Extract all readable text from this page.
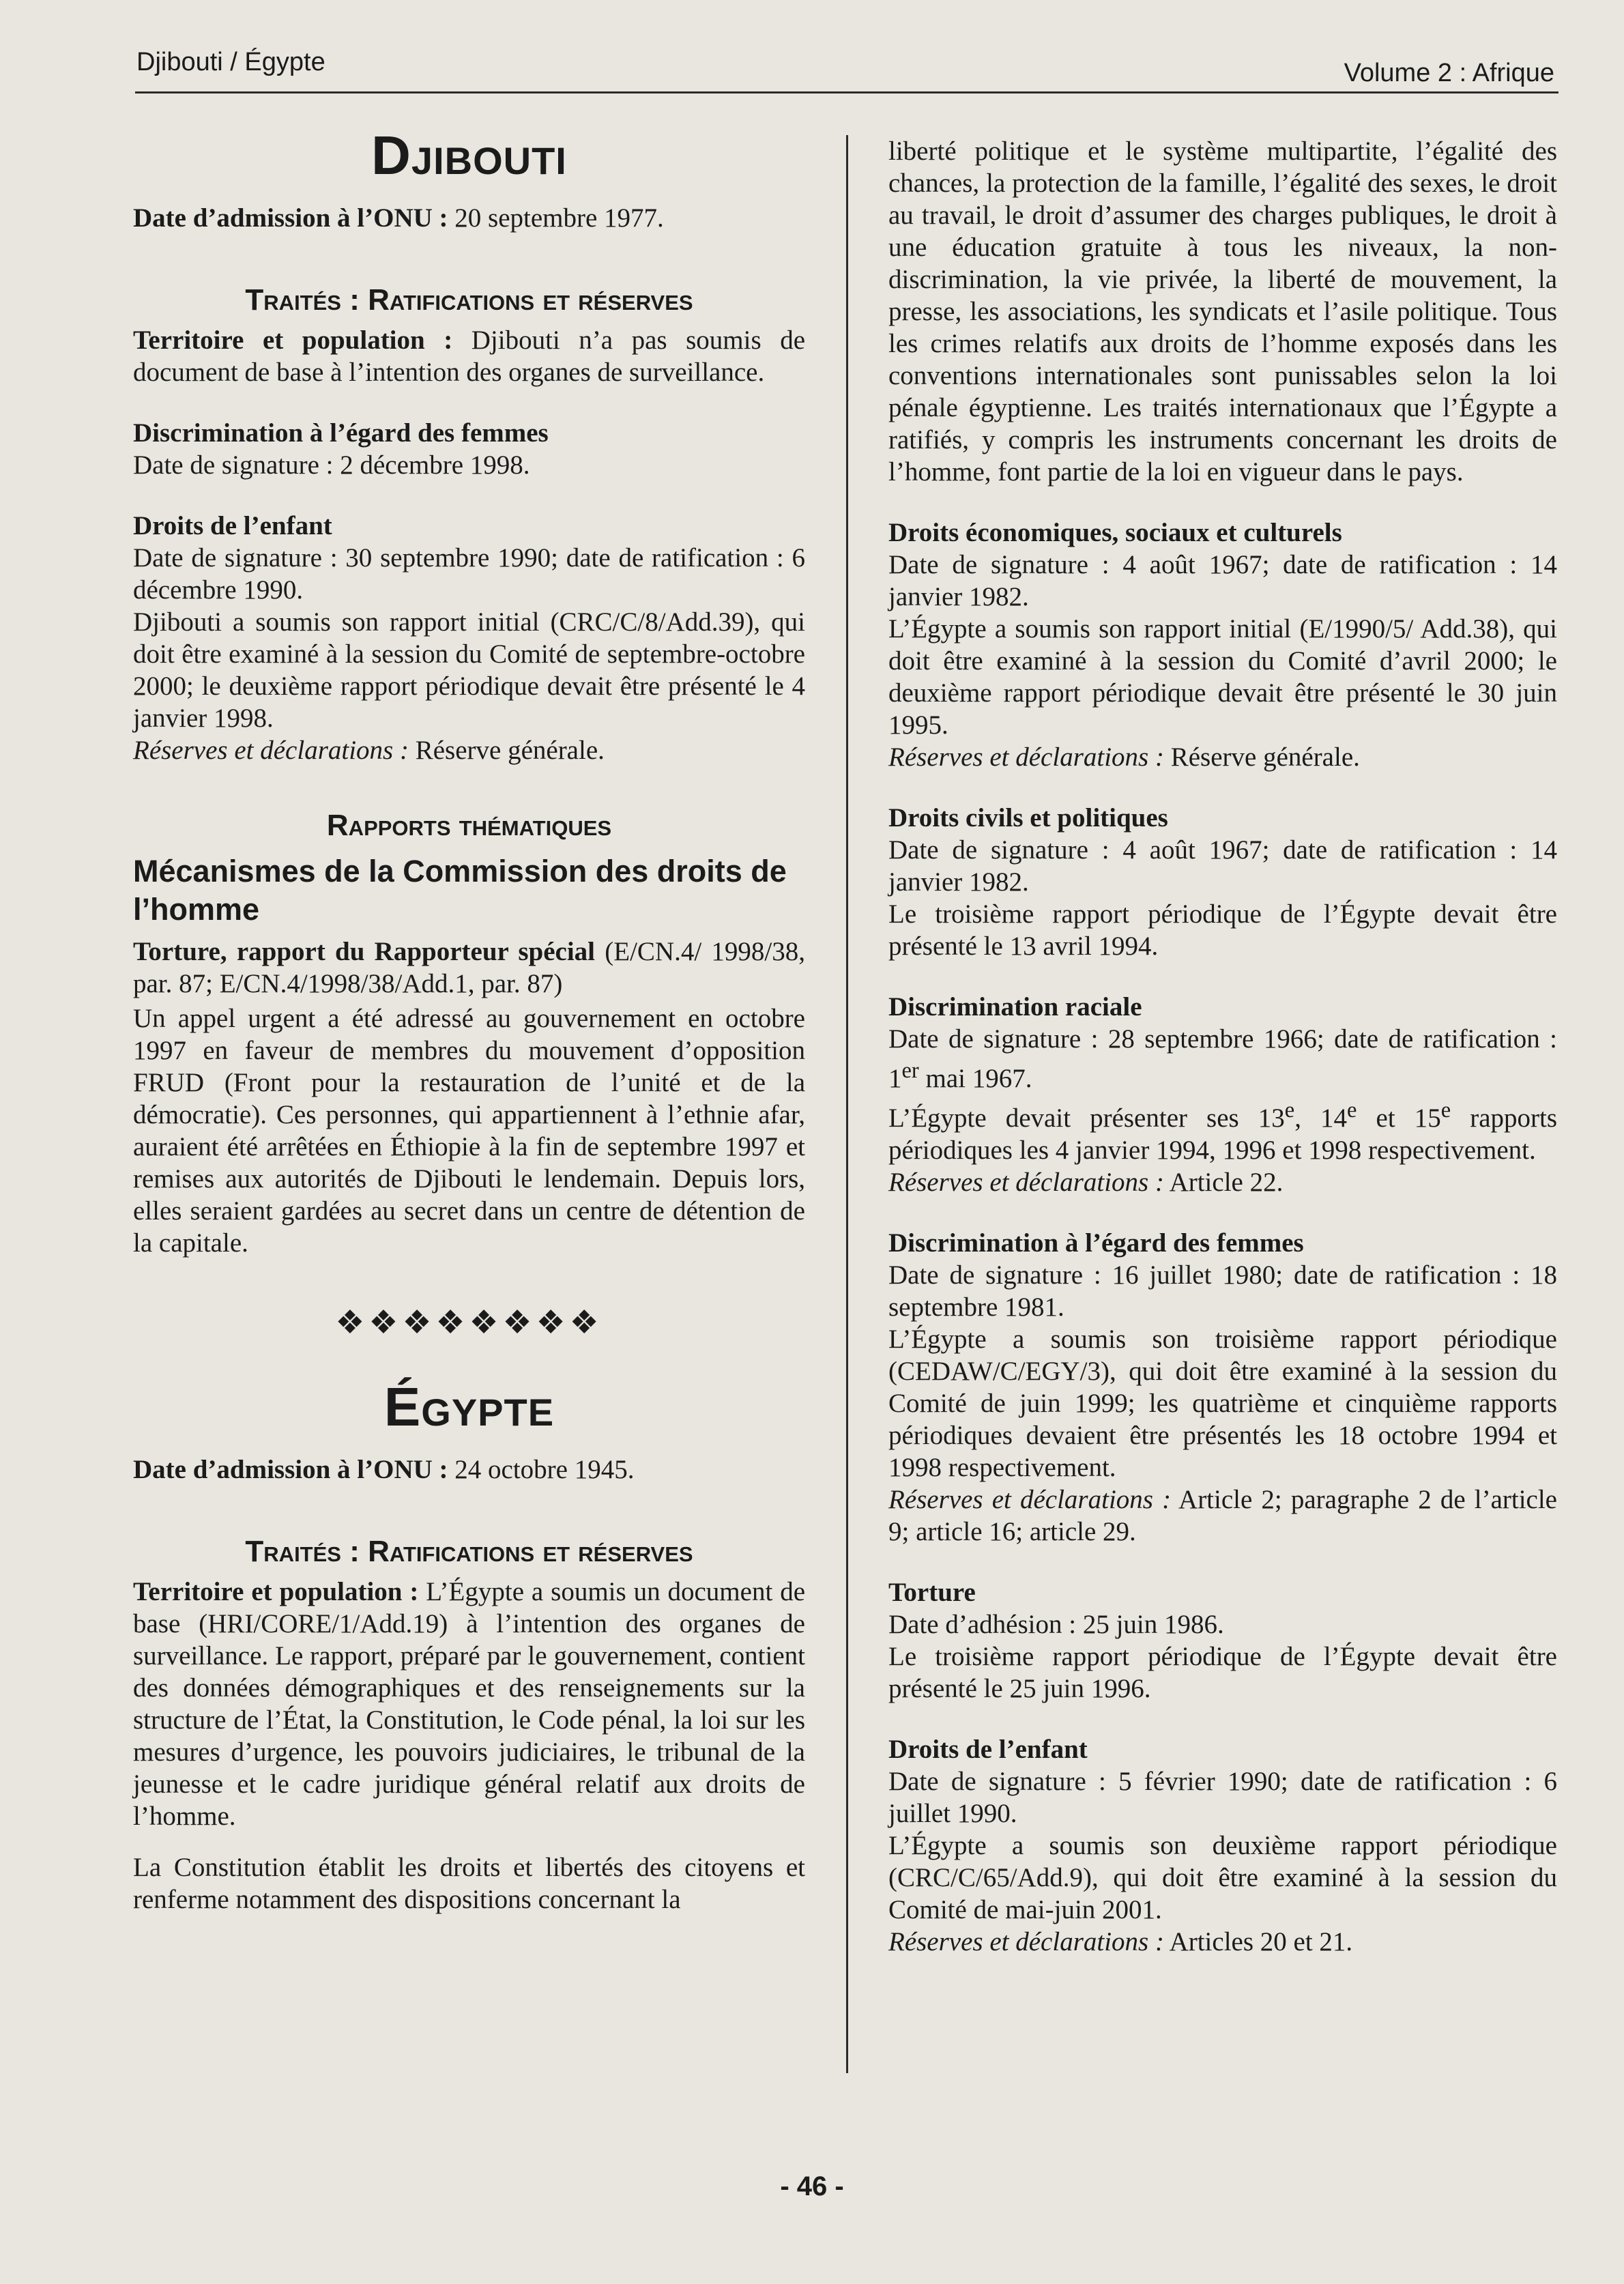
Djibouti / Égypte	Volume 2 : Afrique
Djibouti

Date d’admission à l’ONU : 20 septembre 1977.

Traités : Ratifications et réserves

Territoire et population : Djibouti n’a pas soumis de document de base à l’intention des organes de surveillance.

Discrimination à l’égard des femmes

Date de signature : 2 décembre 1998.

Droits de l’enfant

Date de signature : 30 septembre 1990; date de ratification : 6 décembre 1990.

Djibouti a soumis son rapport initial (CRC/C/8/Add.39), qui doit être examiné à la session du Comité de septembre-octobre 2000; le deuxième rapport périodique devait être présenté le 4 janvier 1998.

Réserves et déclarations : Réserve générale.

Rapports thématiques
Mécanismes de la Commission des droits de l’homme

Torture, rapport du Rapporteur spécial (E/CN.4/ 1998/38, par. 87; E/CN.4/1998/38/Add.1, par. 87)

Un appel urgent a été adressé au gouvernement en octobre 1997 en faveur de membres du mouvement d’opposition FRUD (Front pour la restauration de l’unité et de la démocratie). Ces personnes, qui appartiennent à l’ethnie afar, auraient été arrêtées en Éthiopie à la fin de septembre 1997 et remises aux autorités de Djibouti le lendemain. Depuis lors, elles seraient gardées au secret dans un centre de détention de la capitale.

❖❖❖❖❖❖❖❖
Égypte

Date d’admission à l’ONU : 24 octobre 1945.

Traités : Ratifications et réserves

Territoire et population : L’Égypte a soumis un document de base (HRI/CORE/1/Add.19) à l’intention des organes de surveillance. Le rapport, préparé par le gouvernement, contient des données démographiques et des renseignements sur la structure de l’État, la Constitution, le Code pénal, la loi sur les mesures d’urgence, les pouvoirs judiciaires, le tribunal de la jeunesse et le cadre juridique général relatif aux droits de l’homme.

La Constitution établit les droits et libertés des citoyens et renferme notamment des dispositions concernant la

liberté politique et le système multipartite, l’égalité des chances, la protection de la famille, l’égalité des sexes, le droit au travail, le droit d’assumer des charges publiques, le droit à une éducation gratuite à tous les niveaux, la non-discrimination, la vie privée, la liberté de mouvement, la presse, les associations, les syndicats et l’asile politique. Tous les crimes relatifs aux droits de l’homme exposés dans les conventions internationales sont punissables selon la loi pénale égyptienne. Les traités internationaux que l’Égypte a ratifiés, y compris les instruments concernant les droits de l’homme, font partie de la loi en vigueur dans le pays.

Droits économiques, sociaux et culturels

Date de signature : 4 août 1967; date de ratification : 14 janvier 1982.

L’Égypte a soumis son rapport initial (E/1990/5/ Add.38), qui doit être examiné à la session du Comité d’avril 2000; le deuxième rapport périodique devait être présenté le 30 juin 1995.

Réserves et déclarations : Réserve générale.

Droits civils et politiques

Date de signature : 4 août 1967; date de ratification : 14 janvier 1982.

Le troisième rapport périodique de l’Égypte devait être présenté le 13 avril 1994.

Discrimination raciale

Date de signature : 28 septembre 1966; date de ratification : 1er mai 1967.

L’Égypte devait présenter ses 13e, 14e et 15e rapports périodiques les 4 janvier 1994, 1996 et 1998 respectivement.

Réserves et déclarations : Article 22.

Discrimination à l’égard des femmes

Date de signature : 16 juillet 1980; date de ratification : 18 septembre 1981.

L’Égypte a soumis son troisième rapport périodique (CEDAW/C/EGY/3), qui doit être examiné à la session du Comité de juin 1999; les quatrième et cinquième rapports périodiques devaient être présentés les 18 octobre 1994 et 1998 respectivement.

Réserves et déclarations : Article 2; paragraphe 2 de l’article 9; article 16; article 29.

Torture

Date d’adhésion : 25 juin 1986.

Le troisième rapport périodique de l’Égypte devait être présenté le 25 juin 1996.

Droits de l’enfant

Date de signature : 5 février 1990; date de ratification : 6 juillet 1990.

L’Égypte a soumis son deuxième rapport périodique (CRC/C/65/Add.9), qui doit être examiné à la session du Comité de mai-juin 2001.

Réserves et déclarations : Articles 20 et 21.

- 46 -
